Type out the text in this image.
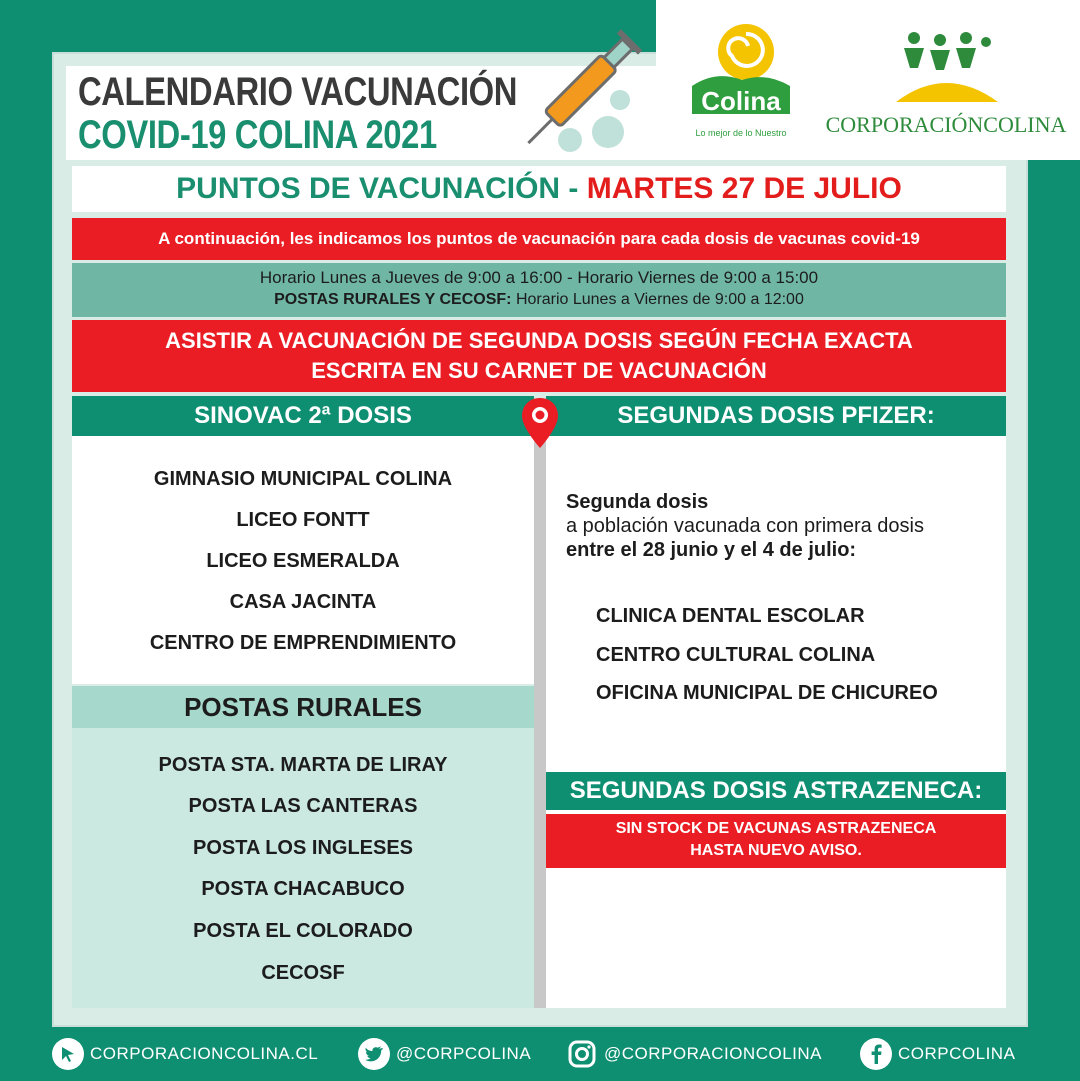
CALENDARIO VACUNACIÓN
COVID-19 COLINA 2021
Colina
Lo mejor de lo Nuestro CORPORACIÓNCOLINA
PUNTOS DE VACUNACIÓN - MARTES 27 DE JULIO
A continuación, les indicamos los puntos de vacunación para cada dosis de vacunas covid-19
Horario Lunes a Jueves de 9:00 a 16:00 - Horario Viernes de 9:00 a 15:00
POSTAS RURALES Y CECOSF: Horario Lunes a Viernes de 9:00 a 12:00
ASISTIR A VACUNACIÓN DE SEGUNDA DOSIS SEGÚN FECHA EXACTA
ESCRITA EN SU CARNET DE VACUNACIÓN
SINOVAC 2ª DOSIS	SEGUNDAS DOSIS PFIZER:
GIMNASIO MUNICIPAL COLINA
LICEO FONTT
LICEO ESMERALDA
CASA JACINTA
CENTRO DE EMPRENDIMIENTO
POSTAS RURALES
POSTA STA. MARTA DE LIRAY
POSTA LAS CANTERAS
POSTA LOS INGLESES
POSTA CHACABUCO
POSTA EL COLORADO
CECOSF
Segunda dosis
a población vacunada con primera dosis
entre el 28 junio y el 4 de julio:
CLINICA DENTAL ESCOLAR
CENTRO CULTURAL COLINA
OFICINA MUNICIPAL DE CHICUREO
SEGUNDAS DOSIS ASTRAZENECA:
SIN STOCK DE VACUNAS ASTRAZENECA
HASTA NUEVO AVISO.
CORPORACIONCOLINA.CL	@CORPCOLINA	@CORPORACIONCOLINA	CORPCOLINA
